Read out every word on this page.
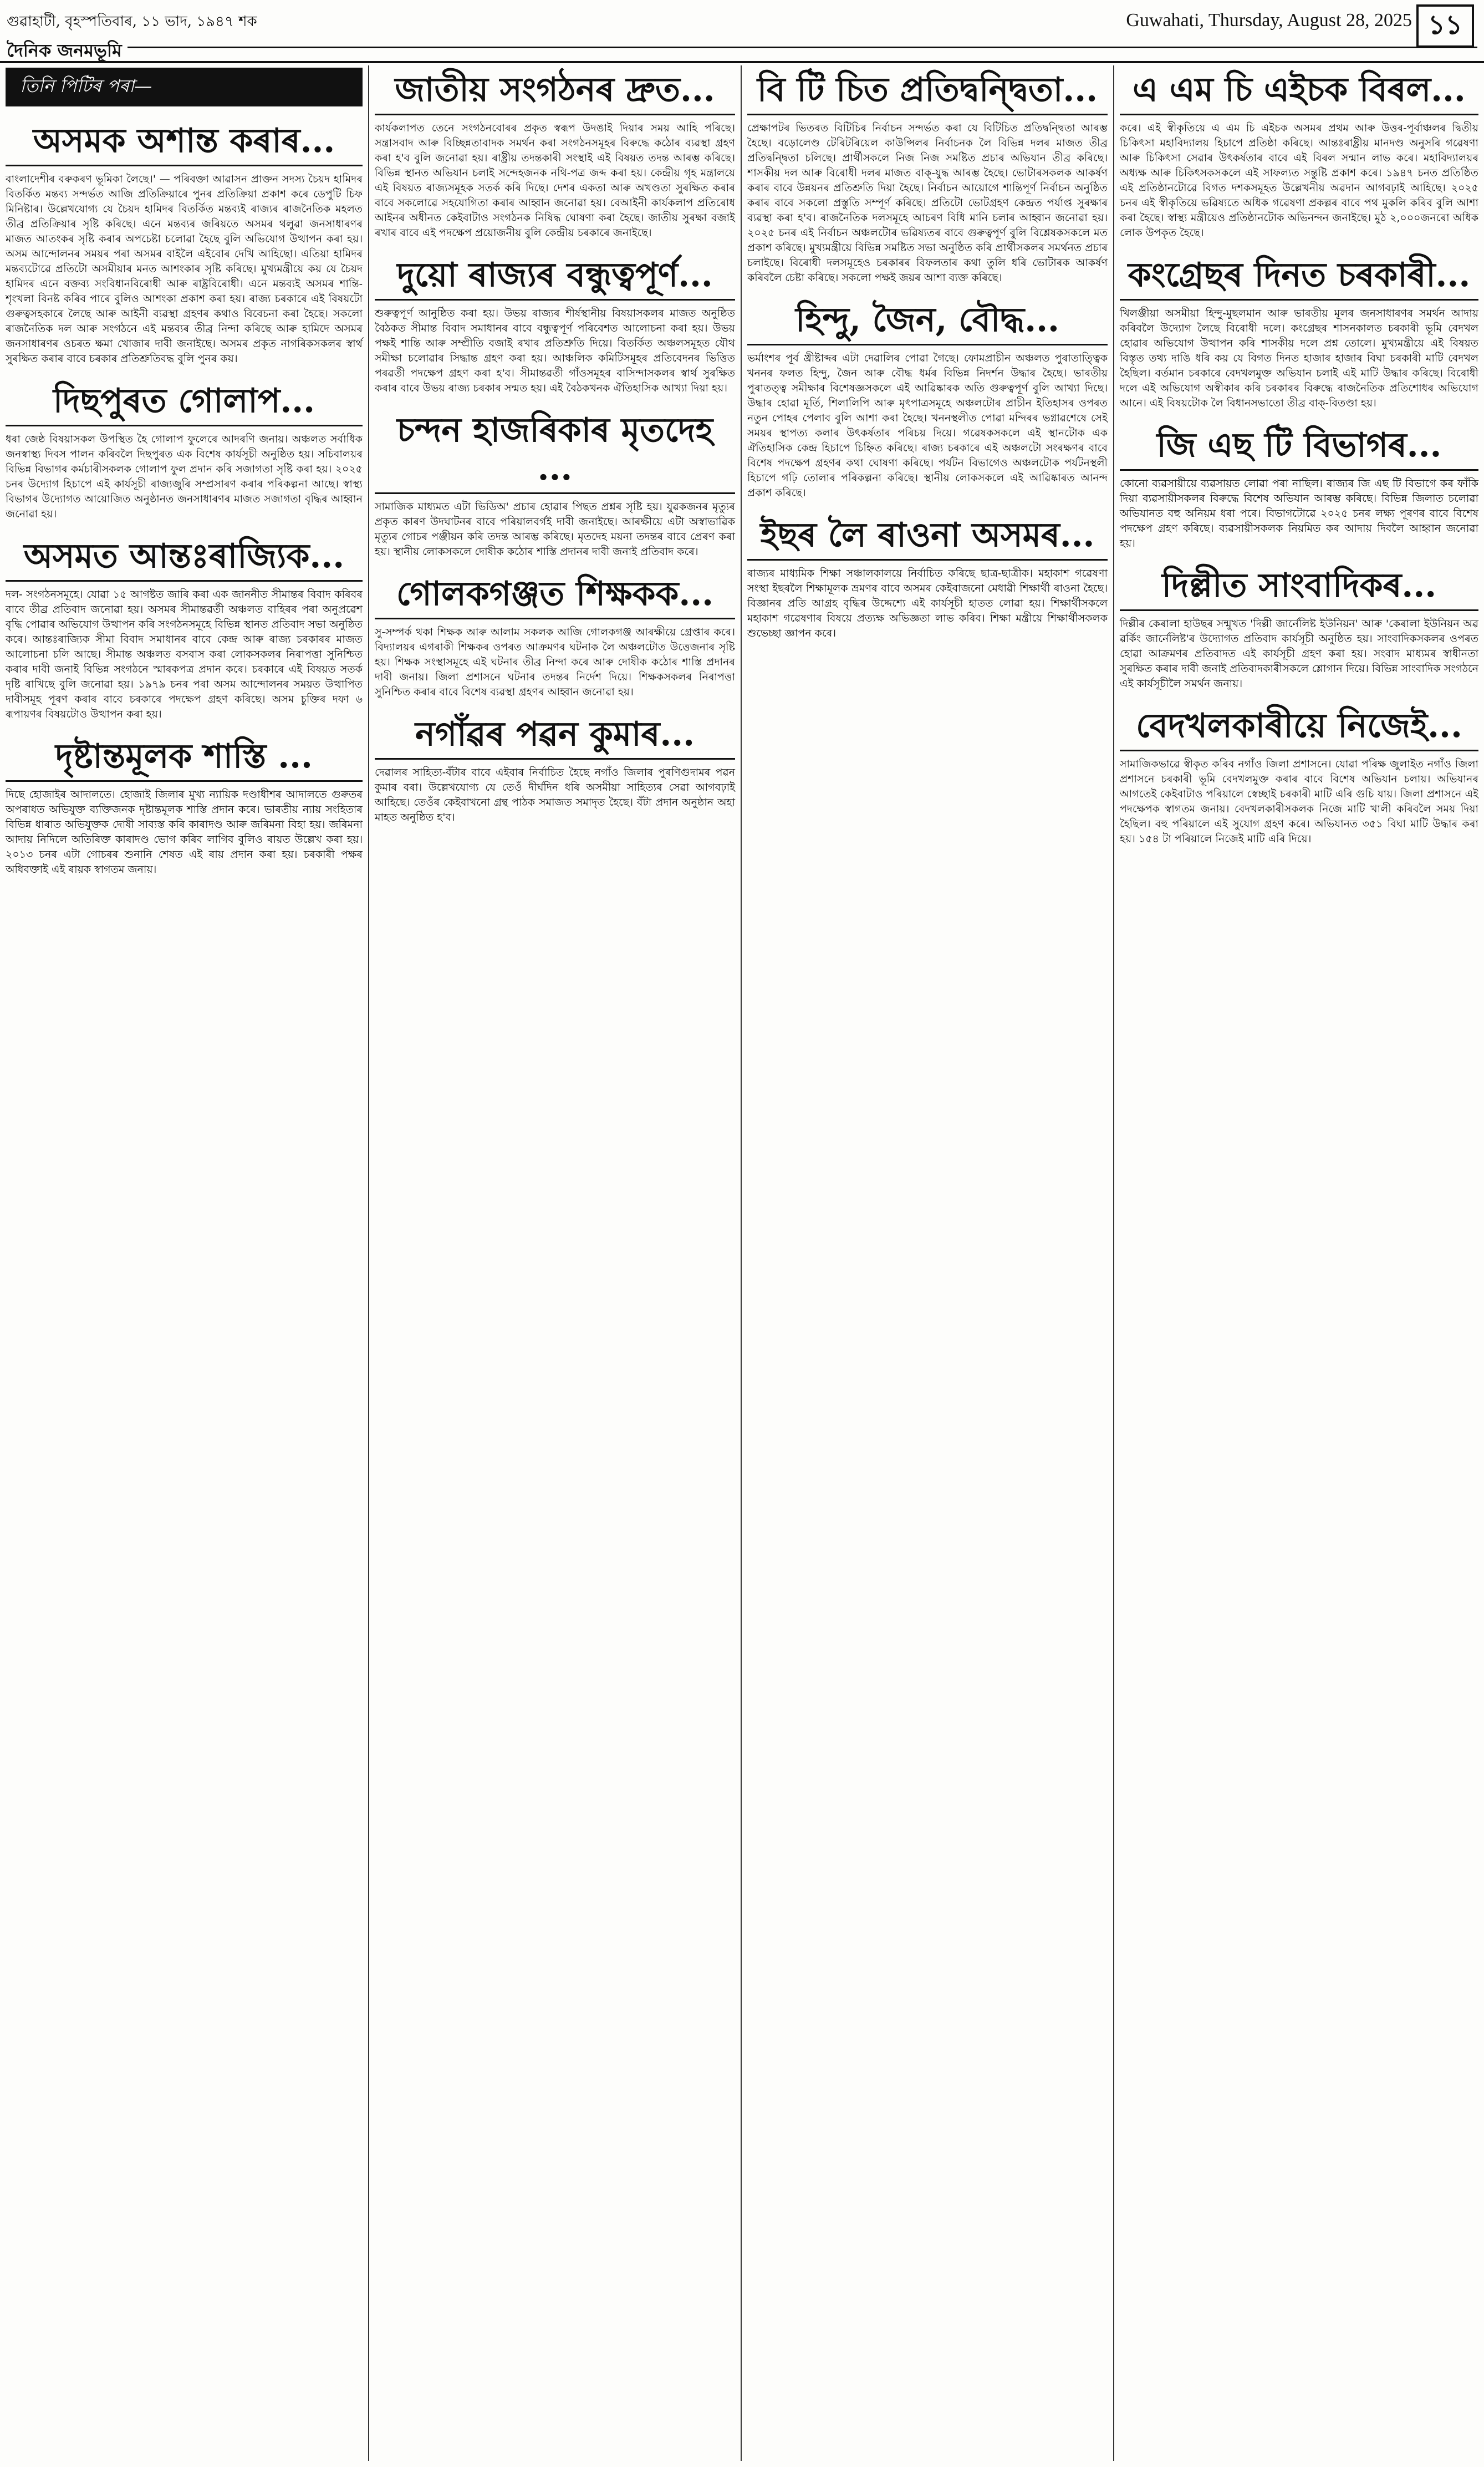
গুৱাহাটী, বৃহস্পতিবাৰ, ১১ ভাদ, ১৯৪৭ শক	Guwahati, Thursday, August 28, 2025 ১১
দৈনিক জনমভূমি
তিনি পিটিৰ পৰা—
অসমক অশান্ত কৰাৰ...
বাংলাদেশীৰ বৰুকৰণ ভূমিকা লৈছে।' — পৰিবক্তা আৱাসন প্ৰাক্তন সদস্য চৈয়দ হামিদৰ বিতৰ্কিত মন্তব্য সন্দৰ্ভত আজি প্ৰতিক্ৰিয়াৰে পুনৰ প্ৰতিক্ৰিয়া প্ৰকাশ কৰে ডেপুটি চিফ মিনিষ্টাৰ। উল্লেখযোগ্য যে চৈয়দ হামিদৰ বিতৰ্কিত মন্তব্যই ৰাজ্যৰ ৰাজনৈতিক মহলত তীব্ৰ প্ৰতিক্ৰিয়াৰ সৃষ্টি কৰিছে। এনে মন্তব্যৰ জৰিয়তে অসমৰ থলুৱা জনসাধাৰণৰ মাজত আতংকৰ সৃষ্টি কৰাৰ অপচেষ্টা চলোৱা হৈছে বুলি অভিযোগ উত্থাপন কৰা হয়। অসম আন্দোলনৰ সময়ৰ পৰা অসমৰ বাইলৈ এইবোৰ দেখি আহিছো। এতিয়া হামিদৰ মন্তব্যটোৱে প্ৰতিটো অসমীয়াৰ মনত আশংকাৰ সৃষ্টি কৰিছে। মুখ্যমন্ত্ৰীয়ে কয় যে চৈয়দ হামিদৰ এনে বক্তব্য সংবিধানবিৰোধী আৰু ৰাষ্ট্ৰবিৰোধী। এনে মন্তব্যই অসমৰ শান্তি-শৃংখলা বিনষ্ট কৰিব পাৰে বুলিও আশংকা প্ৰকাশ কৰা হয়। ৰাজ্য চৰকাৰে এই বিষয়টো গুৰুত্বসহকাৰে লৈছে আৰু আইনী ব্যৱস্থা গ্ৰহণৰ কথাও বিবেচনা কৰা হৈছে। সকলো ৰাজনৈতিক দল আৰু সংগঠনে এই মন্তব্যৰ তীব্ৰ নিন্দা কৰিছে আৰু হামিদে অসমৰ জনসাধাৰণৰ ওচৰত ক্ষমা খোজাৰ দাবী জনাইছে। অসমৰ প্ৰকৃত নাগৰিকসকলৰ স্বাৰ্থ সুৰক্ষিত কৰাৰ বাবে চৰকাৰ প্ৰতিশ্ৰুতিবদ্ধ বুলি পুনৰ কয়।
দিছপুৰত গোলাপ...
ধৰা জেষ্ঠ বিষয়াসকল উপস্থিত হৈ গোলাপ ফুলেৰে আদৰণি জনায়। অঞ্চলত সৰ্বাধিক জনস্বাস্থ্য দিবস পালন কৰিবলৈ দিছপুৰত এক বিশেষ কাৰ্যসূচী অনুষ্ঠিত হয়। সচিবালয়ৰ বিভিন্ন বিভাগৰ কৰ্মচাৰীসকলক গোলাপ ফুল প্ৰদান কৰি সজাগতা সৃষ্টি কৰা হয়। ২০২৫ চনৰ উদ্যোগ হিচাপে এই কাৰ্যসূচী ৰাজ্যজুৰি সম্প্ৰসাৰণ কৰাৰ পৰিকল্পনা আছে। স্বাস্থ্য বিভাগৰ উদ্যোগত আয়োজিত অনুষ্ঠানত জনসাধাৰণৰ মাজত সজাগতা বৃদ্ধিৰ আহ্বান জনোৱা হয়।
অসমত আন্তঃৰাজ্যিক...
দল- সংগঠনসমূহে। যোৱা ১৫ আগষ্টত জাৰি কৰা এক জাননীত সীমান্তৰ বিবাদ কৰিবৰ বাবে তীব্ৰ প্ৰতিবাদ জনোৱা হয়। অসমৰ সীমান্তৱৰ্তী অঞ্চলত বাহিৰৰ পৰা অনুপ্ৰৱেশ বৃদ্ধি পোৱাৰ অভিযোগ উত্থাপন কৰি সংগঠনসমূহে বিভিন্ন স্থানত প্ৰতিবাদ সভা অনুষ্ঠিত কৰে। আন্তঃৰাজ্যিক সীমা বিবাদ সমাধানৰ বাবে কেন্দ্ৰ আৰু ৰাজ্য চৰকাৰৰ মাজত আলোচনা চলি আছে। সীমান্ত অঞ্চলত বসবাস কৰা লোকসকলৰ নিৰাপত্তা সুনিশ্চিত কৰাৰ দাবী জনাই বিভিন্ন সংগঠনে স্মাৰকপত্ৰ প্ৰদান কৰে। চৰকাৰে এই বিষয়ত সতৰ্ক দৃষ্টি ৰাখিছে বুলি জনোৱা হয়। ১৯৭৯ চনৰ পৰা অসম আন্দোলনৰ সময়ত উত্থাপিত দাবীসমূহ পূৰণ কৰাৰ বাবে চৰকাৰে পদক্ষেপ গ্ৰহণ কৰিছে। অসম চুক্তিৰ দফা ৬ ৰূপায়ণৰ বিষয়টোও উত্থাপন কৰা হয়।
দৃষ্টান্তমূলক শাস্তি ...
দিছে হোজাইৰ আদালতে। হোজাই জিলাৰ মুখ্য ন্যায়িক দণ্ডাধীশৰ আদালতে গুৰুতৰ অপৰাধত অভিযুক্ত ব্যক্তিজনক দৃষ্টান্তমূলক শাস্তি প্ৰদান কৰে। ভাৰতীয় ন্যায় সংহিতাৰ বিভিন্ন ধাৰাত অভিযুক্তক দোষী সাব্যস্ত কৰি কাৰাদণ্ড আৰু জৰিমনা বিহা হয়। জৰিমনা আদায় নিদিলে অতিৰিক্ত কাৰাদণ্ড ভোগ কৰিব লাগিব বুলিও ৰায়ত উল্লেখ কৰা হয়। ২০১৩ চনৰ এটা গোচৰৰ শুনানি শেষত এই ৰায় প্ৰদান কৰা হয়। চৰকাৰী পক্ষৰ অধিবক্তাই এই ৰায়ক স্বাগতম জনায়।
জাতীয় সংগঠনৰ দ্ৰুত...
কাৰ্যকলাপত তেনে সংগঠনবোৰৰ প্ৰকৃত স্বৰূপ উদঙাই দিয়াৰ সময় আহি পৰিছে। সন্ত্ৰাসবাদ আৰু বিচ্ছিন্নতাবাদক সমৰ্থন কৰা সংগঠনসমূহৰ বিৰুদ্ধে কঠোৰ ব্যৱস্থা গ্ৰহণ কৰা হ'ব বুলি জনোৱা হয়। ৰাষ্ট্ৰীয় তদন্তকাৰী সংস্থাই এই বিষয়ত তদন্ত আৰম্ভ কৰিছে। বিভিন্ন স্থানত অভিযান চলাই সন্দেহজনক নথি-পত্ৰ জব্দ কৰা হয়। কেন্দ্ৰীয় গৃহ মন্ত্ৰালয়ে এই বিষয়ত ৰাজ্যসমূহক সতৰ্ক কৰি দিছে। দেশৰ একতা আৰু অখণ্ডতা সুৰক্ষিত কৰাৰ বাবে সকলোৱে সহযোগিতা কৰাৰ আহ্বান জনোৱা হয়। বেআইনী কাৰ্যকলাপ প্ৰতিৰোধ আইনৰ অধীনত কেইবাটাও সংগঠনক নিষিদ্ধ ঘোষণা কৰা হৈছে। জাতীয় সুৰক্ষা বজাই ৰখাৰ বাবে এই পদক্ষেপ প্ৰয়োজনীয় বুলি কেন্দ্ৰীয় চৰকাৰে জনাইছে।
দুয়ো ৰাজ্যৰ বন্ধুত্বপূৰ্ণ...
শুৰুত্বপূৰ্ণ আনুষ্ঠিত কৰা হয়। উভয় ৰাজ্যৰ শীৰ্ষস্থানীয় বিষয়াসকলৰ মাজত অনুষ্ঠিত বৈঠকত সীমান্ত বিবাদ সমাধানৰ বাবে বন্ধুত্বপূৰ্ণ পৰিবেশত আলোচনা কৰা হয়। উভয় পক্ষই শান্তি আৰু সম্প্ৰীতি বজাই ৰখাৰ প্ৰতিশ্ৰুতি দিয়ে। বিতৰ্কিত অঞ্চলসমূহত যৌথ সমীক্ষা চলোৱাৰ সিদ্ধান্ত গ্ৰহণ কৰা হয়। আঞ্চলিক কমিটিসমূহৰ প্ৰতিবেদনৰ ভিত্তিত পৰৱৰ্তী পদক্ষেপ গ্ৰহণ কৰা হ'ব। সীমান্তৱৰ্তী গাঁওসমূহৰ বাসিন্দাসকলৰ স্বাৰ্থ সুৰক্ষিত কৰাৰ বাবে উভয় ৰাজ্য চৰকাৰ সন্মত হয়। এই বৈঠকখনক ঐতিহাসিক আখ্যা দিয়া হয়।
চন্দন হাজৰিকাৰ মৃতদেহ ...
সামাজিক মাধ্যমত এটা ভিডিঅ' প্ৰচাৰ হোৱাৰ পিছত প্ৰশ্নৰ সৃষ্টি হয়। যুৱকজনৰ মৃত্যুৰ প্ৰকৃত কাৰণ উদঘাটনৰ বাবে পৰিয়ালবৰ্গই দাবী জনাইছে। আৰক্ষীয়ে এটা অস্বাভাৱিক মৃত্যুৰ গোচৰ পঞ্জীয়ন কৰি তদন্ত আৰম্ভ কৰিছে। মৃতদেহ ময়না তদন্তৰ বাবে প্ৰেৰণ কৰা হয়। স্থানীয় লোকসকলে দোষীক কঠোৰ শাস্তি প্ৰদানৰ দাবী জনাই প্ৰতিবাদ কৰে।
গোলকগঞ্জত শিক্ষকক...
সু-সম্পৰ্ক থকা শিক্ষক আৰু আলাম সকলক আজি গোলকগঞ্জ আৰক্ষীয়ে গ্ৰেপ্তাৰ কৰে। বিদ্যালয়ৰ এগৰাকী শিক্ষকৰ ওপৰত আক্ৰমণৰ ঘটনাক লৈ অঞ্চলটোত উত্তেজনাৰ সৃষ্টি হয়। শিক্ষক সংস্থাসমূহে এই ঘটনাৰ তীব্ৰ নিন্দা কৰে আৰু দোষীক কঠোৰ শাস্তি প্ৰদানৰ দাবী জনায়। জিলা প্ৰশাসনে ঘটনাৰ তদন্তৰ নিৰ্দেশ দিয়ে। শিক্ষকসকলৰ নিৰাপত্তা সুনিশ্চিত কৰাৰ বাবে বিশেষ ব্যৱস্থা গ্ৰহণৰ আহ্বান জনোৱা হয়।
নগাঁৱৰ পৱন কুমাৰ...
দেৱালৰ সাহিত্য-বঁটাৰ বাবে এইবাৰ নিৰ্বাচিত হৈছে নগাঁও জিলাৰ পুৰণিগুদামৰ পৱন কুমাৰ বৰা। উল্লেখযোগ্য যে তেওঁ দীৰ্ঘদিন ধৰি অসমীয়া সাহিত্যৰ সেৱা আগবঢ়াই আহিছে। তেওঁৰ কেইবাখনো গ্ৰন্থ পাঠক সমাজত সমাদৃত হৈছে। বঁটা প্ৰদান অনুষ্ঠান অহা মাহত অনুষ্ঠিত হ'ব।
বি টি চিত প্ৰতিদ্বন্দ্বিতা...
প্ৰেক্ষাপটৰ ভিতৰত বিটিচিৰ নিৰ্বাচন সন্দৰ্ভত কৰা যে বিটিচিত প্ৰতিদ্বন্দ্বিতা আৰম্ভ হৈছে। বড়োলেণ্ড টেৰিটৰিয়েল কাউন্সিলৰ নিৰ্বাচনক লৈ বিভিন্ন দলৰ মাজত তীব্ৰ প্ৰতিদ্বন্দ্বিতা চলিছে। প্ৰাৰ্থীসকলে নিজ নিজ সমষ্টিত প্ৰচাৰ অভিযান তীব্ৰ কৰিছে। শাসকীয় দল আৰু বিৰোধী দলৰ মাজত বাক্-যুদ্ধ আৰম্ভ হৈছে। ভোটাৰসকলক আকৰ্ষণ কৰাৰ বাবে উন্নয়নৰ প্ৰতিশ্ৰুতি দিয়া হৈছে। নিৰ্বাচন আয়োগে শান্তিপূৰ্ণ নিৰ্বাচন অনুষ্ঠিত কৰাৰ বাবে সকলো প্ৰস্তুতি সম্পূৰ্ণ কৰিছে। প্ৰতিটো ভোটগ্ৰহণ কেন্দ্ৰত পৰ্যাপ্ত সুৰক্ষাৰ ব্যৱস্থা কৰা হ'ব। ৰাজনৈতিক দলসমূহে আচৰণ বিধি মানি চলাৰ আহ্বান জনোৱা হয়। ২০২৫ চনৰ এই নিৰ্বাচন অঞ্চলটোৰ ভৱিষ্যতৰ বাবে গুৰুত্বপূৰ্ণ বুলি বিশ্লেষকসকলে মত প্ৰকাশ কৰিছে। মুখ্যমন্ত্ৰীয়ে বিভিন্ন সমষ্টিত সভা অনুষ্ঠিত কৰি প্ৰাৰ্থীসকলৰ সমৰ্থনত প্ৰচাৰ চলাইছে। বিৰোধী দলসমূহেও চৰকাৰৰ বিফলতাৰ কথা তুলি ধৰি ভোটাৰক আকৰ্ষণ কৰিবলৈ চেষ্টা কৰিছে। সকলো পক্ষই জয়ৰ আশা ব্যক্ত কৰিছে।
হিন্দু, জৈন, বৌদ্ধ...
ভৰ্মাংশৰ পূৰ্ব খ্ৰীষ্টাব্দৰ এটা দেৱালিৰ পোৱা গৈছে। ফোমপ্ৰাচীন অঞ্চলত পুৰাতাত্ত্বিক খননৰ ফলত হিন্দু, জৈন আৰু বৌদ্ধ ধৰ্মৰ বিভিন্ন নিদৰ্শন উদ্ধাৰ হৈছে। ভাৰতীয় পুৰাতত্ত্ব সমীক্ষাৰ বিশেষজ্ঞসকলে এই আৱিষ্কাৰক অতি গুৰুত্বপূৰ্ণ বুলি আখ্যা দিছে। উদ্ধাৰ হোৱা মূৰ্তি, শিলালিপি আৰু মৃৎপাত্ৰসমূহে অঞ্চলটোৰ প্ৰাচীন ইতিহাসৰ ওপৰত নতুন পোহৰ পেলাব বুলি আশা কৰা হৈছে। খননস্থলীত পোৱা মন্দিৰৰ ভগ্নাৱশেষে সেই সময়ৰ স্থাপত্য কলাৰ উৎকৰ্ষতাৰ পৰিচয় দিয়ে। গৱেষকসকলে এই স্থানটোক এক ঐতিহাসিক কেন্দ্ৰ হিচাপে চিহ্নিত কৰিছে। ৰাজ্য চৰকাৰে এই অঞ্চলটো সংৰক্ষণৰ বাবে বিশেষ পদক্ষেপ গ্ৰহণৰ কথা ঘোষণা কৰিছে। পৰ্যটন বিভাগেও অঞ্চলটোক পৰ্যটনস্থলী হিচাপে গঢ়ি তোলাৰ পৰিকল্পনা কৰিছে। স্থানীয় লোকসকলে এই আৱিষ্কাৰত আনন্দ প্ৰকাশ কৰিছে।
ইছৰ লৈ ৰাওনা অসমৰ...
ৰাজ্যৰ মাধ্যমিক শিক্ষা সঞ্চালকালয়ে নিৰ্বাচিত কৰিছে ছাত্ৰ-ছাত্ৰীক। মহাকাশ গৱেষণা সংস্থা ইছৰলৈ শিক্ষামূলক ভ্ৰমণৰ বাবে অসমৰ কেইবাজনো মেধাৱী শিক্ষাৰ্থী ৰাওনা হৈছে। বিজ্ঞানৰ প্ৰতি আগ্ৰহ বৃদ্ধিৰ উদ্দেশ্যে এই কাৰ্যসূচী হাতত লোৱা হয়। শিক্ষাৰ্থীসকলে মহাকাশ গৱেষণাৰ বিষয়ে প্ৰত্যক্ষ অভিজ্ঞতা লাভ কৰিব। শিক্ষা মন্ত্ৰীয়ে শিক্ষাৰ্থীসকলক শুভেচ্ছা জ্ঞাপন কৰে।
এ এম চি এইচক বিৰল...
কৰে। এই স্বীকৃতিয়ে এ এম চি এইচক অসমৰ প্ৰথম আৰু উত্তৰ-পূৰ্বাঞ্চলৰ দ্বিতীয় চিকিৎসা মহাবিদ্যালয় হিচাপে প্ৰতিষ্ঠা কৰিছে। আন্তঃৰাষ্ট্ৰীয় মানদণ্ড অনুসৰি গৱেষণা আৰু চিকিৎসা সেৱাৰ উৎকৰ্ষতাৰ বাবে এই বিৰল সন্মান লাভ কৰে। মহাবিদ্যালয়ৰ অধ্যক্ষ আৰু চিকিৎসকসকলে এই সাফল্যত সন্তুষ্টি প্ৰকাশ কৰে। ১৯৪৭ চনত প্ৰতিষ্ঠিত এই প্ৰতিষ্ঠানটোৱে বিগত দশকসমূহত উল্লেখনীয় অৱদান আগবঢ়াই আহিছে। ২০২৫ চনৰ এই স্বীকৃতিয়ে ভৱিষ্যতে অধিক গৱেষণা প্ৰকল্পৰ বাবে পথ মুকলি কৰিব বুলি আশা কৰা হৈছে। স্বাস্থ্য মন্ত্ৰীয়েও প্ৰতিষ্ঠানটোক অভিনন্দন জনাইছে। মুঠ ২,০০০জনৰো অধিক লোক উপকৃত হৈছে।
কংগ্ৰেছৰ দিনত চৰকাৰী...
খিলঞ্জীয়া অসমীয়া হিন্দু-মুছলমান আৰু ভাৰতীয় মূলৰ জনসাধাৰণৰ সমৰ্থন আদায় কৰিবলৈ উদ্যোগ লৈছে বিৰোধী দলে। কংগ্ৰেছৰ শাসনকালত চৰকাৰী ভূমি বেদখল হোৱাৰ অভিযোগ উত্থাপন কৰি শাসকীয় দলে প্ৰশ্ন তোলে। মুখ্যমন্ত্ৰীয়ে এই বিষয়ত বিস্তৃত তথ্য দাঙি ধৰি কয় যে বিগত দিনত হাজাৰ হাজাৰ বিঘা চৰকাৰী মাটি বেদখল হৈছিল। বৰ্তমান চৰকাৰে বেদখলমুক্ত অভিযান চলাই এই মাটি উদ্ধাৰ কৰিছে। বিৰোধী দলে এই অভিযোগ অস্বীকাৰ কৰি চৰকাৰৰ বিৰুদ্ধে ৰাজনৈতিক প্ৰতিশোধৰ অভিযোগ আনে। এই বিষয়টোক লৈ বিধানসভাতো তীব্ৰ বাক্-বিতণ্ডা হয়।
জি এছ টি বিভাগৰ...
কোনো ব্যৱসায়ীয়ে ব্যৱসায়ত লোৱা পৰা নাছিল। ৰাজ্যৰ জি এছ টি বিভাগে কৰ ফাঁকি দিয়া ব্যৱসায়ীসকলৰ বিৰুদ্ধে বিশেষ অভিযান আৰম্ভ কৰিছে। বিভিন্ন জিলাত চলোৱা অভিযানত বহু অনিয়ম ধৰা পৰে। বিভাগটোৱে ২০২৫ চনৰ লক্ষ্য পূৰণৰ বাবে বিশেষ পদক্ষেপ গ্ৰহণ কৰিছে। ব্যৱসায়ীসকলক নিয়মিত কৰ আদায় দিবলৈ আহ্বান জনোৱা হয়।
দিল্লীত সাংবাদিকৰ...
দিল্লীৰ কেৰালা হাউছৰ সন্মুখত 'দিল্লী জাৰ্নেলিষ্ট ইউনিয়ন' আৰু 'কেৰালা ইউনিয়ন অৱ ৱৰ্কিং জাৰ্নেলিষ্ট'ৰ উদ্যোগত প্ৰতিবাদ কাৰ্যসূচী অনুষ্ঠিত হয়। সাংবাদিকসকলৰ ওপৰত হোৱা আক্ৰমণৰ প্ৰতিবাদত এই কাৰ্যসূচী গ্ৰহণ কৰা হয়। সংবাদ মাধ্যমৰ স্বাধীনতা সুৰক্ষিত কৰাৰ দাবী জনাই প্ৰতিবাদকাৰীসকলে শ্লোগান দিয়ে। বিভিন্ন সাংবাদিক সংগঠনে এই কাৰ্যসূচীলৈ সমৰ্থন জনায়।
বেদখলকাৰীয়ে নিজেই...
সামাজিকভাৱে স্বীকৃত কৰিব নগাঁও জিলা প্ৰশাসনে। যোৱা পৰিক্ষ জুলাইত নগাঁও জিলা প্ৰশাসনে চৰকাৰী ভূমি বেদখলমুক্ত কৰাৰ বাবে বিশেষ অভিযান চলায়। অভিযানৰ আগতেই কেইবাটাও পৰিয়ালে স্বেচ্ছাই চৰকাৰী মাটি এৰি গুচি যায়। জিলা প্ৰশাসনে এই পদক্ষেপক স্বাগতম জনায়। বেদখলকাৰীসকলক নিজে মাটি খালী কৰিবলৈ সময় দিয়া হৈছিল। বহু পৰিয়ালে এই সুযোগ গ্ৰহণ কৰে। অভিযানত ৩৫১ বিঘা মাটি উদ্ধাৰ কৰা হয়। ১৫৪ টা পৰিয়ালে নিজেই মাটি এৰি দিয়ে।
